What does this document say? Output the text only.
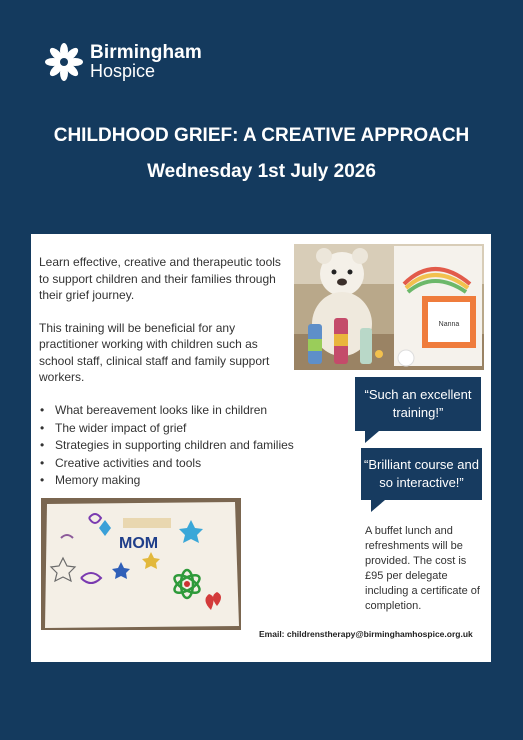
Birmingham
Hospice
CHILDHOOD GRIEF: A CREATIVE APPROACH
Wednesday 1st July 2026

Learn effective, creative and therapeutic tools to support children and their families through their grief journey.

This training will be beneficial for any practitioner working with children such as school staff, clinical staff and family support workers.

• What bereavement looks like in children
• The wider impact of grief
• Strategies in supporting children and families
• Creative activities and tools
• Memory making
Nanna
MOM
“Such an excellent training!”
“Brilliant course and so interactive!”
A buffet lunch and refreshments will be provided. The cost is £95 per delegate including a certificate of completion.
Email: childrenstherapy@birminghamhospice.org.uk
